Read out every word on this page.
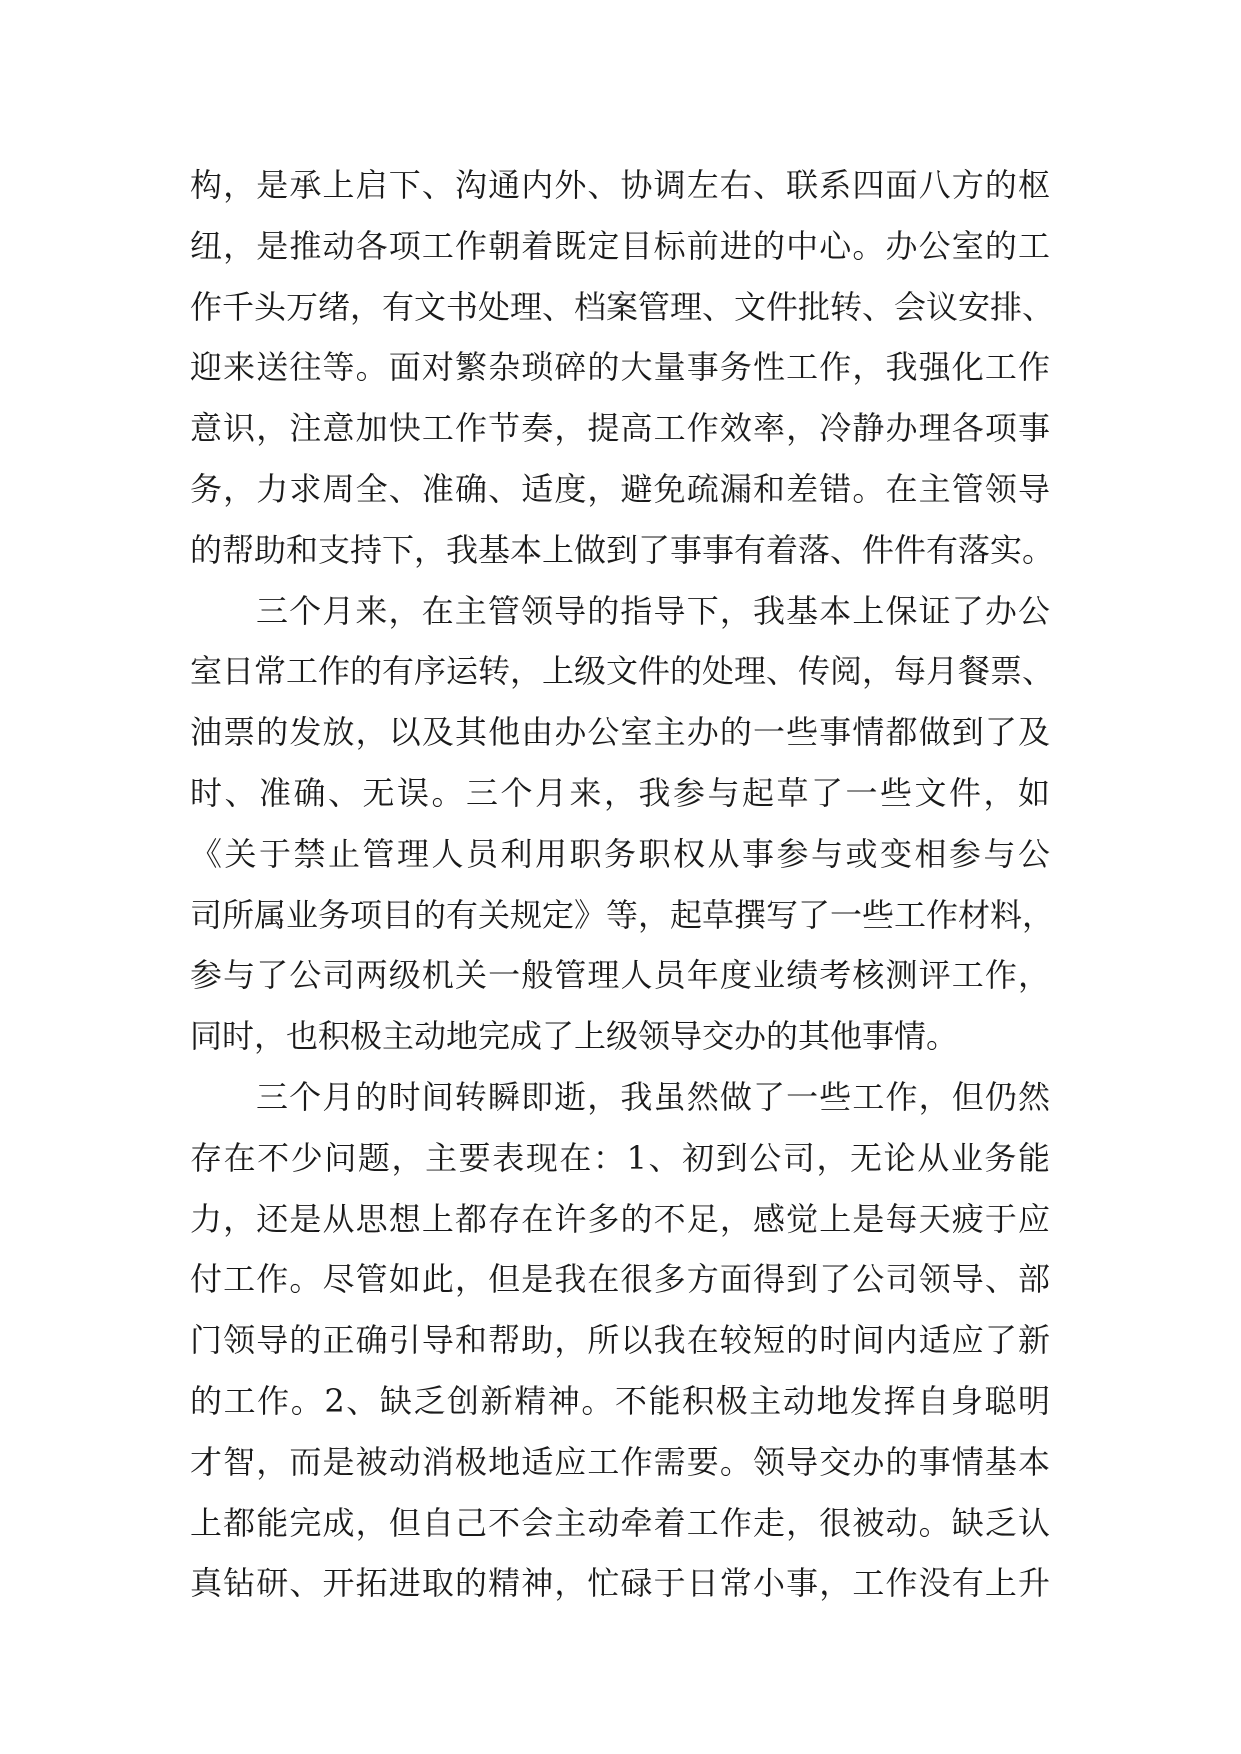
构，是承上启下、沟通内外、协调左右、联系四面八方的枢
纽，是推动各项工作朝着既定目标前进的中心。办公室的工
作千头万绪，有文书处理、档案管理、文件批转、会议安排、
迎来送往等。面对繁杂琐碎的大量事务性工作，我强化工作
意识，注意加快工作节奏，提高工作效率，冷静办理各项事
务，力求周全、准确、适度，避免疏漏和差错。在主管领导
的帮助和支持下，我基本上做到了事事有着落、件件有落实。
三个月来，在主管领导的指导下，我基本上保证了办公
室日常工作的有序运转，上级文件的处理、传阅，每月餐票、
油票的发放，以及其他由办公室主办的一些事情都做到了及
时、准确、无误。三个月来，我参与起草了一些文件，如
《关于禁止管理人员利用职务职权从事参与或变相参与公
司所属业务项目的有关规定》等，起草撰写了一些工作材料，
参与了公司两级机关一般管理人员年度业绩考核测评工作，
同时，也积极主动地完成了上级领导交办的其他事情。
三个月的时间转瞬即逝，我虽然做了一些工作，但仍然
存在不少问题，主要表现在：1、初到公司，无论从业务能
力，还是从思想上都存在许多的不足，感觉上是每天疲于应
付工作。尽管如此，但是我在很多方面得到了公司领导、部
门领导的正确引导和帮助，所以我在较短的时间内适应了新
的工作。2、缺乏创新精神。不能积极主动地发挥自身聪明
才智，而是被动消极地适应工作需要。领导交办的事情基本
上都能完成，但自己不会主动牵着工作走，很被动。缺乏认
真钻研、开拓进取的精神，忙碌于日常小事，工作没有上升
